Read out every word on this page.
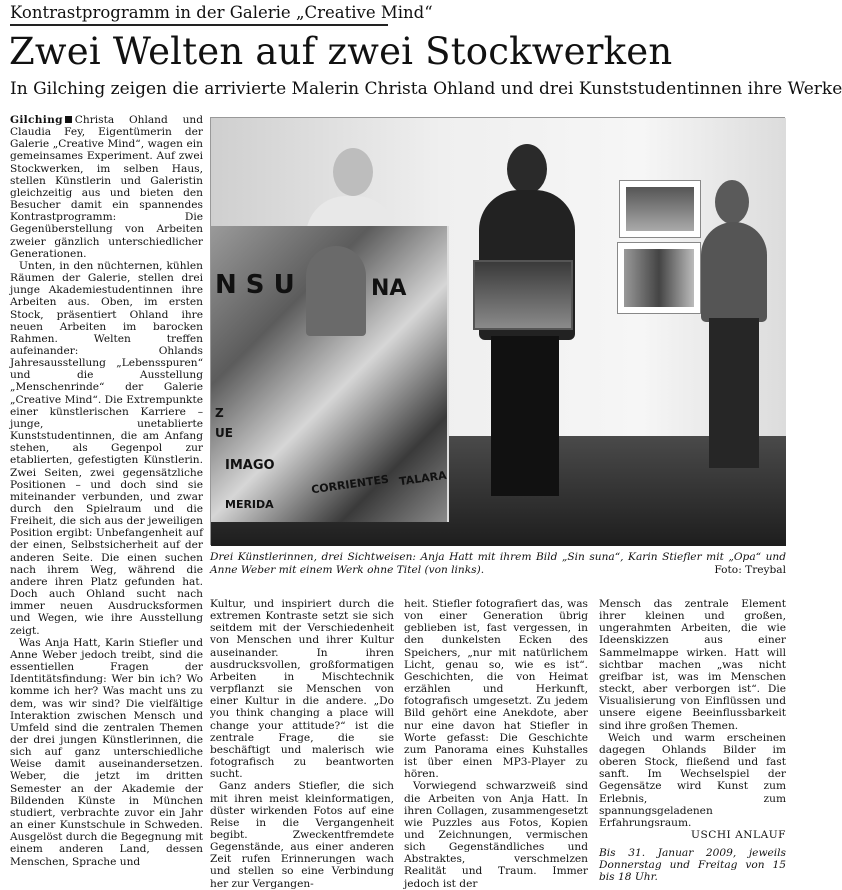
Kontrastprogramm in der Galerie „Creative Mind“
Zwei Welten auf zwei Stockwerken
In Gilching zeigen die arrivierte Malerin Christa Ohland und drei Kunststudentinnen ihre Werke

Gilching Christa Ohland und Claudia Fey, Eigentümerin der Galerie „Creative Mind“, wagen ein gemeinsames Experiment. Auf zwei Stockwerken, im selben Haus, stellen Künstlerin und Galeristin gleichzeitig aus und bieten den Besucher damit ein spannendes Kontrastprogramm: Die Gegenüberstellung von Arbeiten zweier gänzlich unterschiedlicher Generationen.

Unten, in den nüchternen, kühlen Räumen der Galerie, stellen drei junge Akademiestudentinnen ihre Arbeiten aus. Oben, im ersten Stock, präsentiert Ohland ihre neuen Arbeiten im barocken Rahmen. Welten treffen aufeinander: Ohlands Jahresausstellung „Lebensspuren“ und die Ausstellung „Menschenrinde“ der Galerie „Creative Mind“. Die Extrempunkte einer künstlerischen Karriere – junge, unetablierte Kunststudentinnen, die am Anfang stehen, als Gegenpol zur etablierten, gefestigten Künstlerin. Zwei Seiten, zwei gegensätzliche Positionen – und doch sind sie miteinander verbunden, und zwar durch den Spielraum und die Freiheit, die sich aus der jeweiligen Position ergibt: Unbefangenheit auf der einen, Selbstsicherheit auf der anderen Seite. Die einen suchen nach ihrem Weg, während die andere ihren Platz gefunden hat. Doch auch Ohland sucht nach immer neuen Ausdrucksformen und Wegen, wie ihre Ausstellung zeigt.

Was Anja Hatt, Karin Stiefler und Anne Weber jedoch treibt, sind die essentiellen Fragen der Identitätsfindung: Wer bin ich? Wo komme ich her? Was macht uns zu dem, was wir sind? Die vielfältige Interaktion zwischen Mensch und Umfeld sind die zentralen Themen der drei jungen Künstlerinnen, die sich auf ganz unterschiedliche Weise damit auseinandersetzen. Weber, die jetzt im dritten Semester an der Akademie der Bildenden Künste in München studiert, verbrachte zuvor ein Jahr an einer Kunstschule in Schweden. Ausgelöst durch die Begegnung mit einem anderen Land, dessen Menschen, Sprache und

N S U	NA
UE
IMAGO
Z
CORRIENTES TALARA
MERIDA
Drei Künstlerinnen, drei Sichtweisen: Anja Hatt mit ihrem Bild „Sin suna“, Karin Stiefler mit „Opa“ und Anne Weber mit einem Werk ohne Titel (von links).	Foto: Treybal

Kultur, und inspiriert durch die extremen Kontraste setzt sie sich seitdem mit der Verschiedenheit von Menschen und ihrer Kultur auseinander. In ihren ausdrucksvollen, großformatigen Arbeiten in Mischtechnik verpflanzt sie Menschen von einer Kultur in die andere. „Do you think changing a place will change your attitude?“ ist die zentrale Frage, die sie beschäftigt und malerisch wie fotografisch zu beantworten sucht.

Ganz anders Stiefler, die sich mit ihren meist kleinformatigen, düster wirkenden Fotos auf eine Reise in die Vergangenheit begibt. Zweckentfremdete Gegenstände, aus einer anderen Zeit rufen Erinnerungen wach und stellen so eine Verbindung her zur Vergangen-

heit. Stiefler fotografiert das, was von einer Generation übrig geblieben ist, fast vergessen, in den dunkelsten Ecken des Speichers, „nur mit natürlichem Licht, genau so, wie es ist“. Geschichten, die von Heimat erzählen und Herkunft, fotografisch umgesetzt. Zu jedem Bild gehört eine Anekdote, aber nur eine davon hat Stiefler in Worte gefasst: Die Geschichte zum Panorama eines Kuhstalles ist über einen MP3-Player zu hören.

Vorwiegend schwarzweiß sind die Arbeiten von Anja Hatt. In ihren Collagen, zusammengesetzt wie Puzzles aus Fotos, Kopien und Zeichnungen, vermischen sich Gegenständliches und Abstraktes, verschmelzen Realität und Traum. Immer jedoch ist der

Mensch das zentrale Element ihrer kleinen und großen, ungerahmten Arbeiten, die wie Ideenskizzen aus einer Sammelmappe wirken. Hatt will sichtbar machen „was nicht greifbar ist, was im Menschen steckt, aber verborgen ist“. Die Visualisierung von Einflüssen und unsere eigene Beeinflussbarkeit sind ihre großen Themen.

Weich und warm erscheinen dagegen Ohlands Bilder im oberen Stock, fließend und fast sanft. Im Wechselspiel der Gegensätze wird Kunst zum Erlebnis, zum spannungsgeladenen Erfahrungsraum.

USCHI ANLAUF

Bis 31. Januar 2009, jeweils Donnerstag und Freitag von 15 bis 18 Uhr.
